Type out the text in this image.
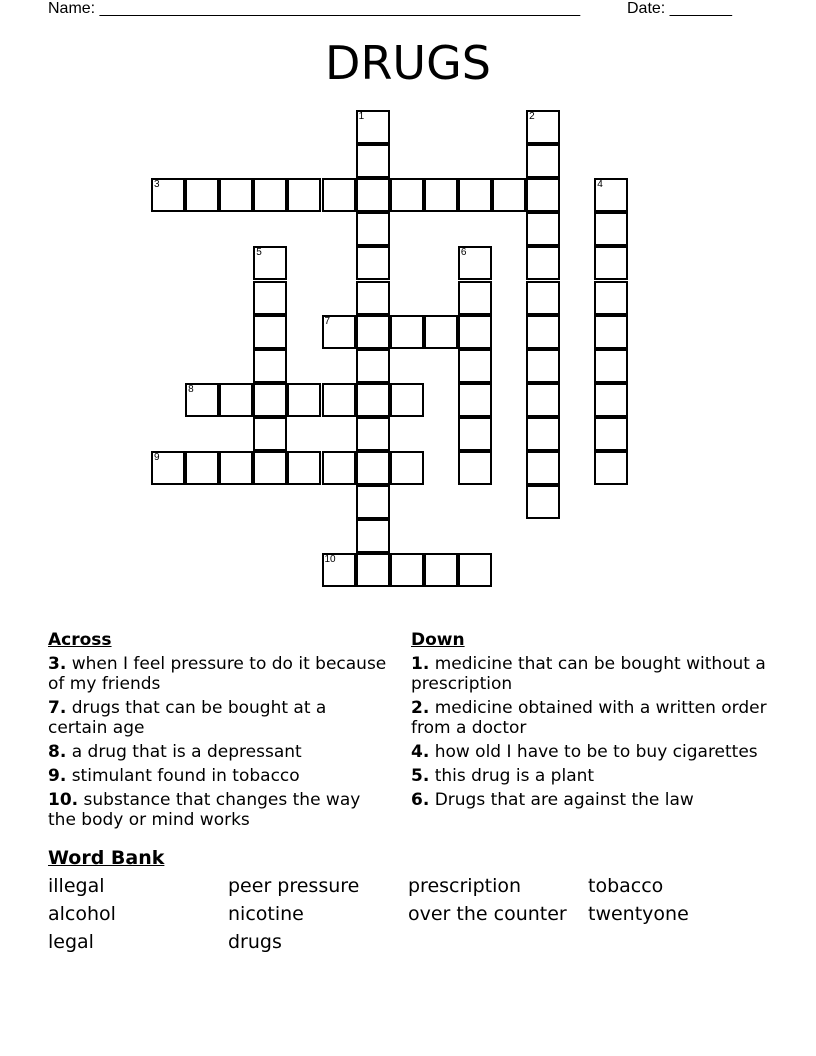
Name: ______________________________________________________	Date: _______
DRUGS
1	2
3	4
5	6
7
8
9
10
Across
3. when I feel pressure to do it because of my friends
7. drugs that can be bought at a certain age
8. a drug that is a depressant
9. stimulant found in tobacco
10. substance that changes the way the body or mind works
Down
1. medicine that can be bought without a prescription
2. medicine obtained with a written order from a doctor
4. how old I have to be to buy cigarettes
5. this drug is a plant
6. Drugs that are against the law
Word Bank
illegal	peer pressure	prescription	tobacco
alcohol	nicotine	over the counter	twentyone
legal	drugs
